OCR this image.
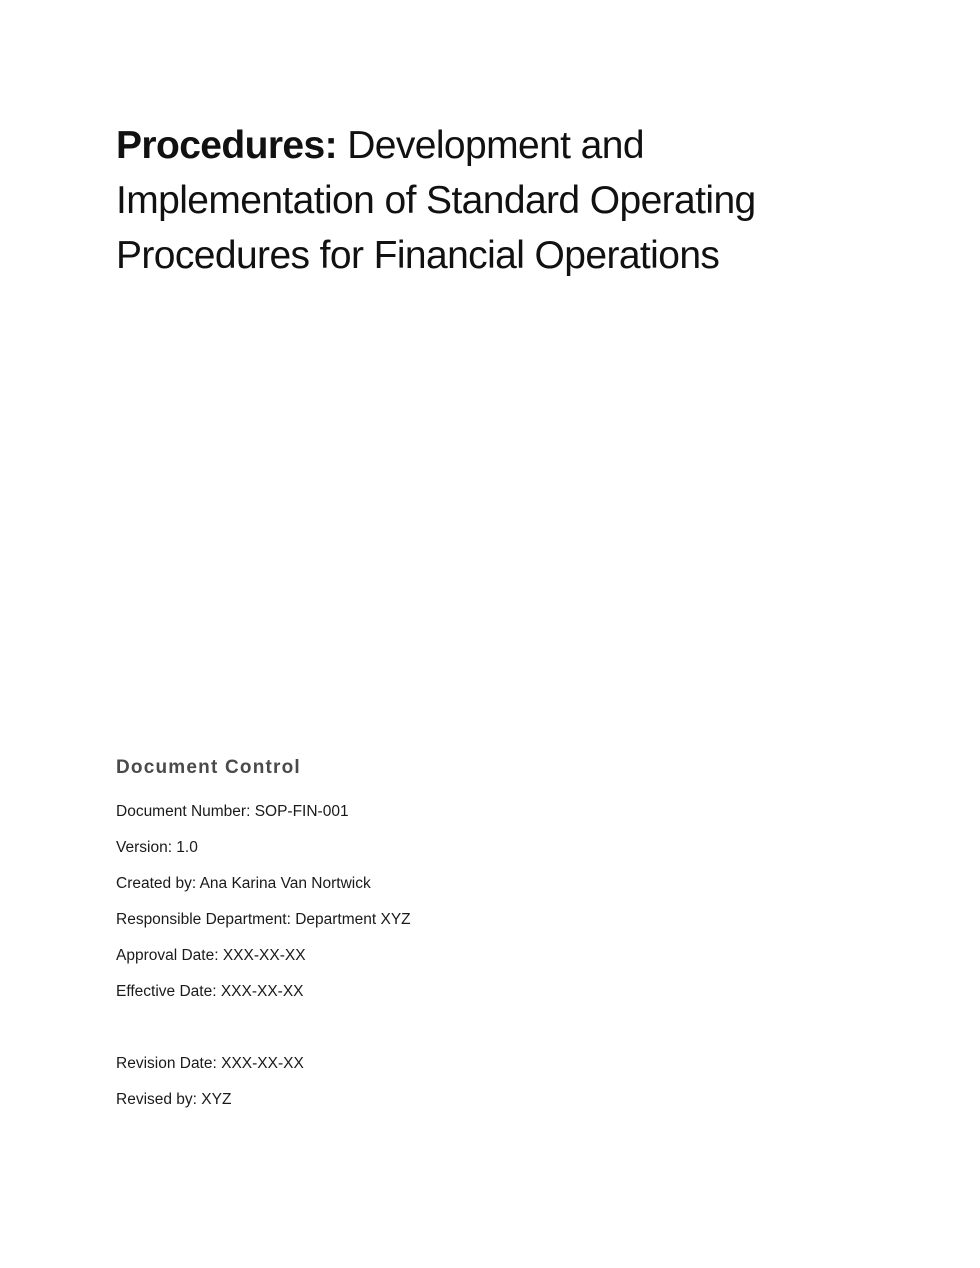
Procedures: Development and Implementation of Standard Operating Procedures for Financial Operations
Document Control

Document Number: SOP-FIN-001

Version: 1.0

Created by: Ana Karina Van Nortwick

Responsible Department: Department XYZ

Approval Date: XXX-XX-XX

Effective Date: XXX-XX-XX

Revision Date: XXX-XX-XX

Revised by: XYZ
